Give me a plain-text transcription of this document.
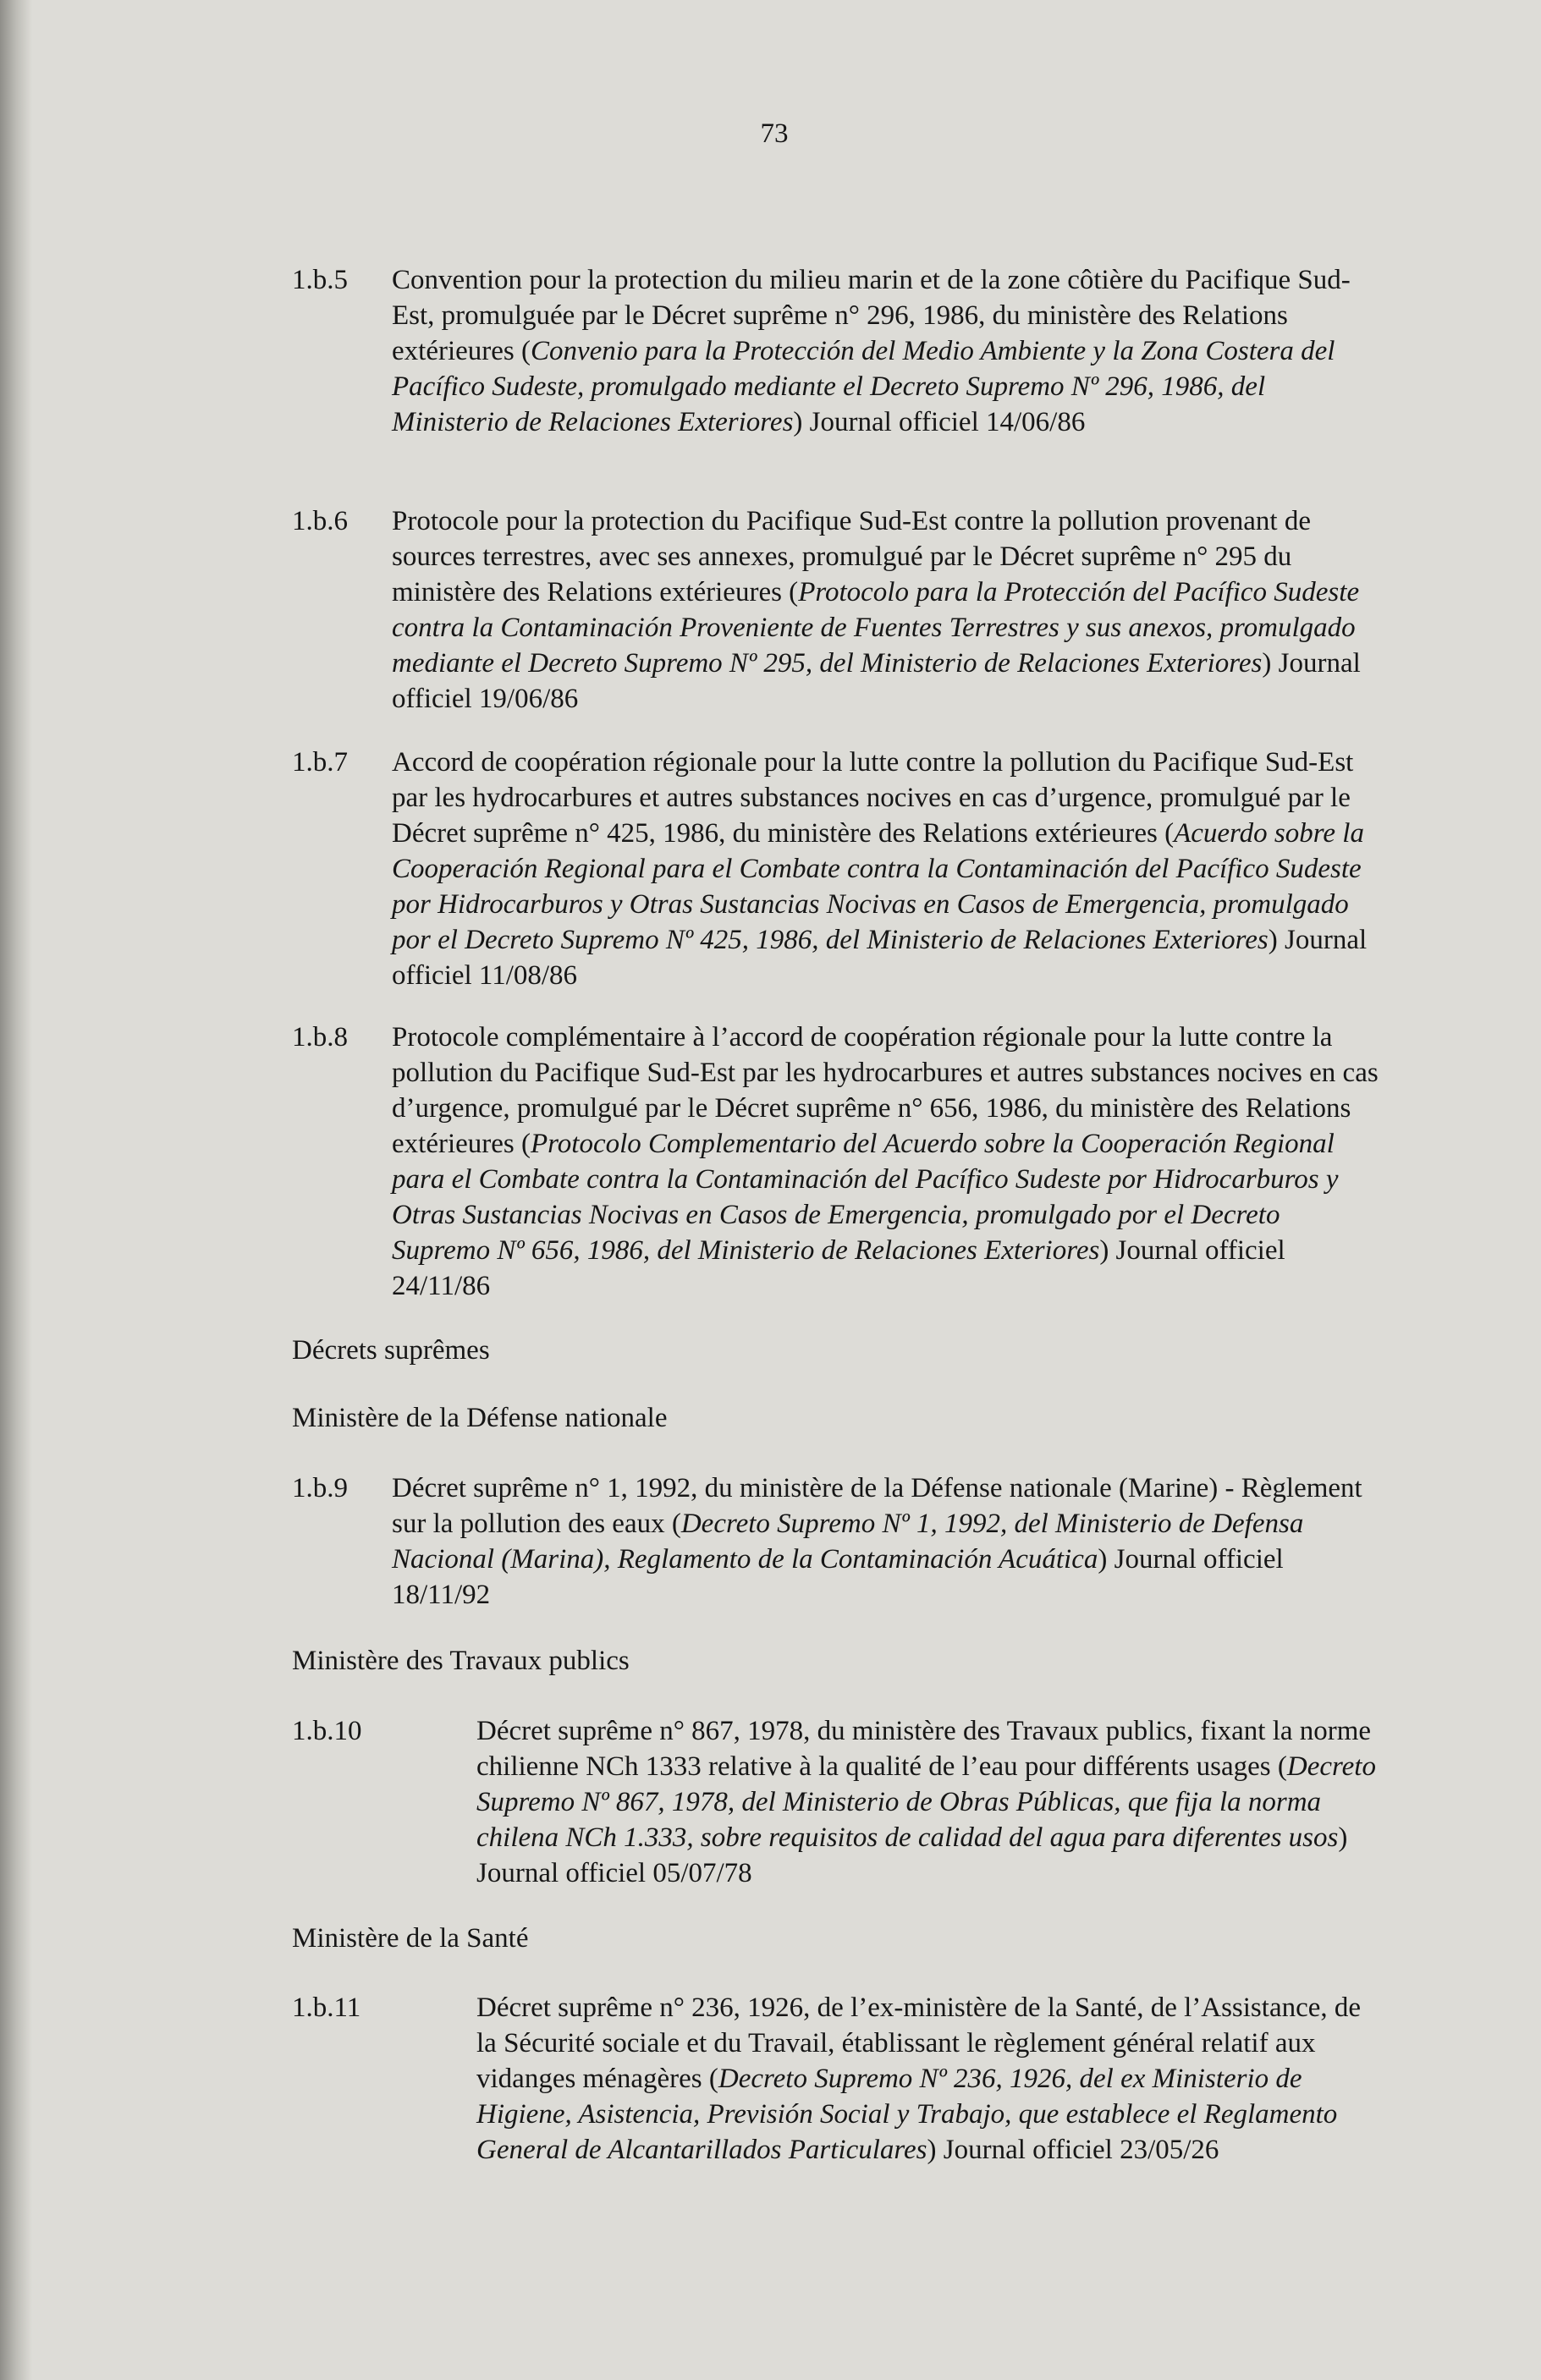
73
1.b.5 Convention pour la protection du milieu marin et de la zone côtière du Pacifique Sud-Est, promulguée par le Décret suprême n° 296, 1986, du ministère des Relations extérieures (Convenio para la Protección del Medio Ambiente y la Zona Costera del Pacífico Sudeste, promulgado mediante el Decreto Supremo Nº 296, 1986, del Ministerio de Relaciones Exteriores) Journal officiel 14/06/86
1.b.6 Protocole pour la protection du Pacifique Sud-Est contre la pollution provenant de sources terrestres, avec ses annexes, promulgué par le Décret suprême n° 295 du ministère des Relations extérieures (Protocolo para la Protección del Pacífico Sudeste contra la Contaminación Proveniente de Fuentes Terrestres y sus anexos, promulgado mediante el Decreto Supremo Nº 295, del Ministerio de Relaciones Exteriores) Journal officiel 19/06/86
1.b.7 Accord de coopération régionale pour la lutte contre la pollution du Pacifique Sud-Est par les hydrocarbures et autres substances nocives en cas d’urgence, promulgué par le Décret suprême n° 425, 1986, du ministère des Relations extérieures (Acuerdo sobre la Cooperación Regional para el Combate contra la Contaminación del Pacífico Sudeste por Hidrocarburos y Otras Sustancias Nocivas en Casos de Emergencia, promulgado por el Decreto Supremo Nº 425, 1986, del Ministerio de Relaciones Exteriores) Journal officiel 11/08/86
1.b.8 Protocole complémentaire à l’accord de coopération régionale pour la lutte contre la pollution du Pacifique Sud-Est par les hydrocarbures et autres substances nocives en cas d’urgence, promulgué par le Décret suprême n° 656, 1986, du ministère des Relations extérieures (Protocolo Complementario del Acuerdo sobre la Cooperación Regional para el Combate contra la Contaminación del Pacífico Sudeste por Hidrocarburos y Otras Sustancias Nocivas en Casos de Emergencia, promulgado por el Decreto Supremo Nº 656, 1986, del Ministerio de Relaciones Exteriores) Journal officiel 24/11/86
Décrets suprêmes
Ministère de la Défense nationale
1.b.9 Décret suprême n° 1, 1992, du ministère de la Défense nationale (Marine) - Règlement sur la pollution des eaux (Decreto Supremo Nº 1, 1992, del Ministerio de Defensa Nacional (Marina), Reglamento de la Contaminación Acuática) Journal officiel 18/11/92
Ministère des Travaux publics
1.b.10	Décret suprême n° 867, 1978, du ministère des Travaux publics, fixant la norme chilienne NCh 1333 relative à la qualité de l’eau pour différents usages (Decreto Supremo Nº 867, 1978, del Ministerio de Obras Públicas, que fija la norma chilena NCh 1.333, sobre requisitos de calidad del agua para diferentes usos) Journal officiel 05/07/78
Ministère de la Santé
1.b.11	Décret suprême n° 236, 1926, de l’ex-ministère de la Santé, de l’Assistance, de la Sécurité sociale et du Travail, établissant le règlement général relatif aux vidanges ménagères (Decreto Supremo Nº 236, 1926, del ex Ministerio de Higiene, Asistencia, Previsión Social y Trabajo, que establece el Reglamento General de Alcantarillados Particulares) Journal officiel 23/05/26
